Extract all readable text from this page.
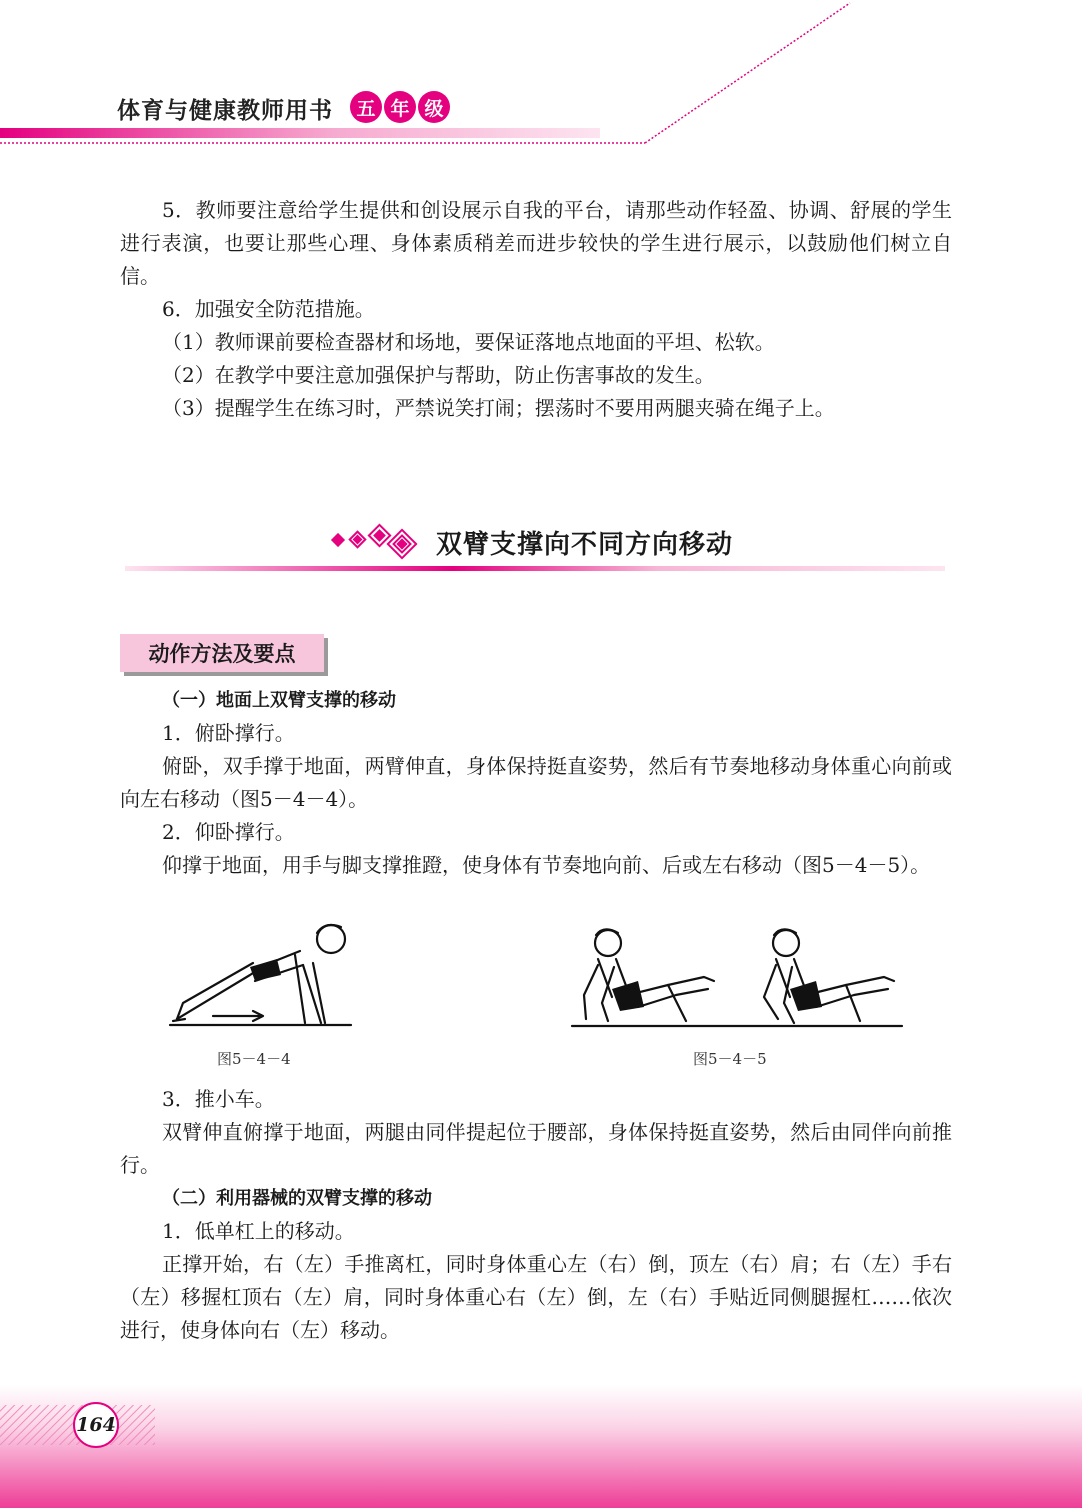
体育与健康教师用书	五 年 级

5．教师要注意给学生提供和创设展示自我的平台，请那些动作轻盈、协调、舒展的学生进行表演，也要让那些心理、身体素质稍差而进步较快的学生进行展示，以鼓励他们树立自信。

6．加强安全防范措施。

（1）教师课前要检查器材和场地，要保证落地点地面的平坦、松软。

（2）在教学中要注意加强保护与帮助，防止伤害事故的发生。

（3）提醒学生在练习时，严禁说笑打闹；摆荡时不要用两腿夹骑在绳子上。

双臂支撑向不同方向移动
动作方法及要点

（一）地面上双臂支撑的移动

1．俯卧撑行。

俯卧，双手撑于地面，两臂伸直，身体保持挺直姿势，然后有节奏地移动身体重心向前或向左右移动（图5－4－4）。

2．仰卧撑行。

仰撑于地面，用手与脚支撑推蹬，使身体有节奏地向前、后或左右移动（图5－4－5）。

图5－4－4	图5－4－5

3．推小车。

双臂伸直俯撑于地面，两腿由同伴提起位于腰部，身体保持挺直姿势，然后由同伴向前推行。

（二）利用器械的双臂支撑的移动

1．低单杠上的移动。

正撑开始，右（左）手推离杠，同时身体重心左（右）倒，顶左（右）肩；右（左）手右（左）移握杠顶右（左）肩，同时身体重心右（左）倒，左（右）手贴近同侧腿握杠……依次进行，使身体向右（左）移动。

164
